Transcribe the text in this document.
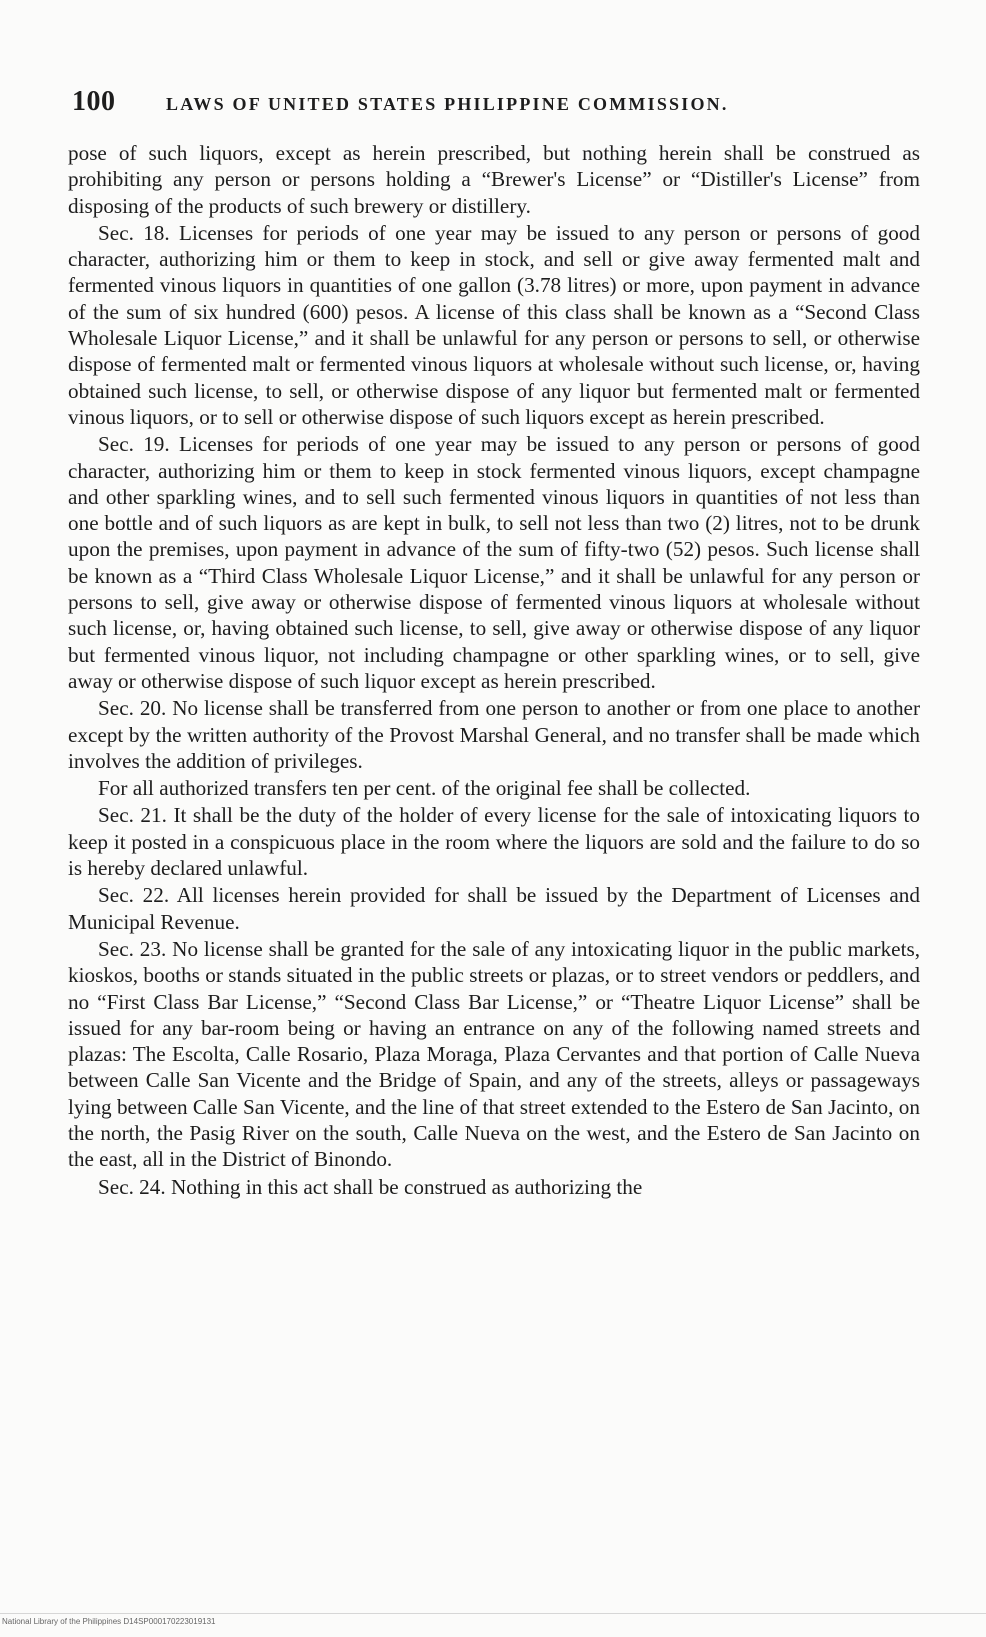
100	LAWS OF UNITED STATES PHILIPPINE COMMISSION.

pose of such liquors, except as herein prescribed, but nothing herein shall be construed as prohibiting any person or persons holding a “Brewer's License” or “Distiller's License” from disposing of the products of such brewery or distillery.

Sec. 18. Licenses for periods of one year may be issued to any person or persons of good character, authorizing him or them to keep in stock, and sell or give away fermented malt and fermented vinous liquors in quantities of one gallon (3.78 litres) or more, upon payment in advance of the sum of six hundred (600) pesos. A license of this class shall be known as a “Second Class Wholesale Liquor License,” and it shall be unlawful for any person or persons to sell, or otherwise dispose of fermented malt or fermented vinous liquors at wholesale without such license, or, having obtained such license, to sell, or otherwise dispose of any liquor but fermented malt or fermented vinous liquors, or to sell or otherwise dispose of such liquors except as herein prescribed.

Sec. 19. Licenses for periods of one year may be issued to any person or persons of good character, authorizing him or them to keep in stock fermented vinous liquors, except champagne and other sparkling wines, and to sell such fermented vinous liquors in quantities of not less than one bottle and of such liquors as are kept in bulk, to sell not less than two (2) litres, not to be drunk upon the premises, upon payment in advance of the sum of fifty-two (52) pesos. Such license shall be known as a “Third Class Wholesale Liquor License,” and it shall be unlawful for any person or persons to sell, give away or otherwise dispose of fermented vinous liquors at wholesale without such license, or, having obtained such license, to sell, give away or otherwise dispose of any liquor but fermented vinous liquor, not including champagne or other sparkling wines, or to sell, give away or otherwise dispose of such liquor except as herein prescribed.

Sec. 20. No license shall be transferred from one person to another or from one place to another except by the written authority of the Provost Marshal General, and no transfer shall be made which involves the addition of privileges.

For all authorized transfers ten per cent. of the original fee shall be collected.

Sec. 21. It shall be the duty of the holder of every license for the sale of intoxicating liquors to keep it posted in a conspicuous place in the room where the liquors are sold and the failure to do so is hereby declared unlawful.

Sec. 22. All licenses herein provided for shall be issued by the Department of Licenses and Municipal Revenue.

Sec. 23. No license shall be granted for the sale of any intoxicating liquor in the public markets, kioskos, booths or stands situated in the public streets or plazas, or to street vendors or peddlers, and no “First Class Bar License,” “Second Class Bar License,” or “Theatre Liquor License” shall be issued for any bar-room being or having an entrance on any of the following named streets and plazas: The Escolta, Calle Rosario, Plaza Moraga, Plaza Cervantes and that portion of Calle Nueva between Calle San Vicente and the Bridge of Spain, and any of the streets, alleys or passageways lying between Calle San Vicente, and the line of that street extended to the Estero de San Jacinto, on the north, the Pasig River on the south, Calle Nueva on the west, and the Estero de San Jacinto on the east, all in the District of Binondo.

Sec. 24. Nothing in this act shall be construed as authorizing the

National Library of the Philippines D14SP000170223019131
